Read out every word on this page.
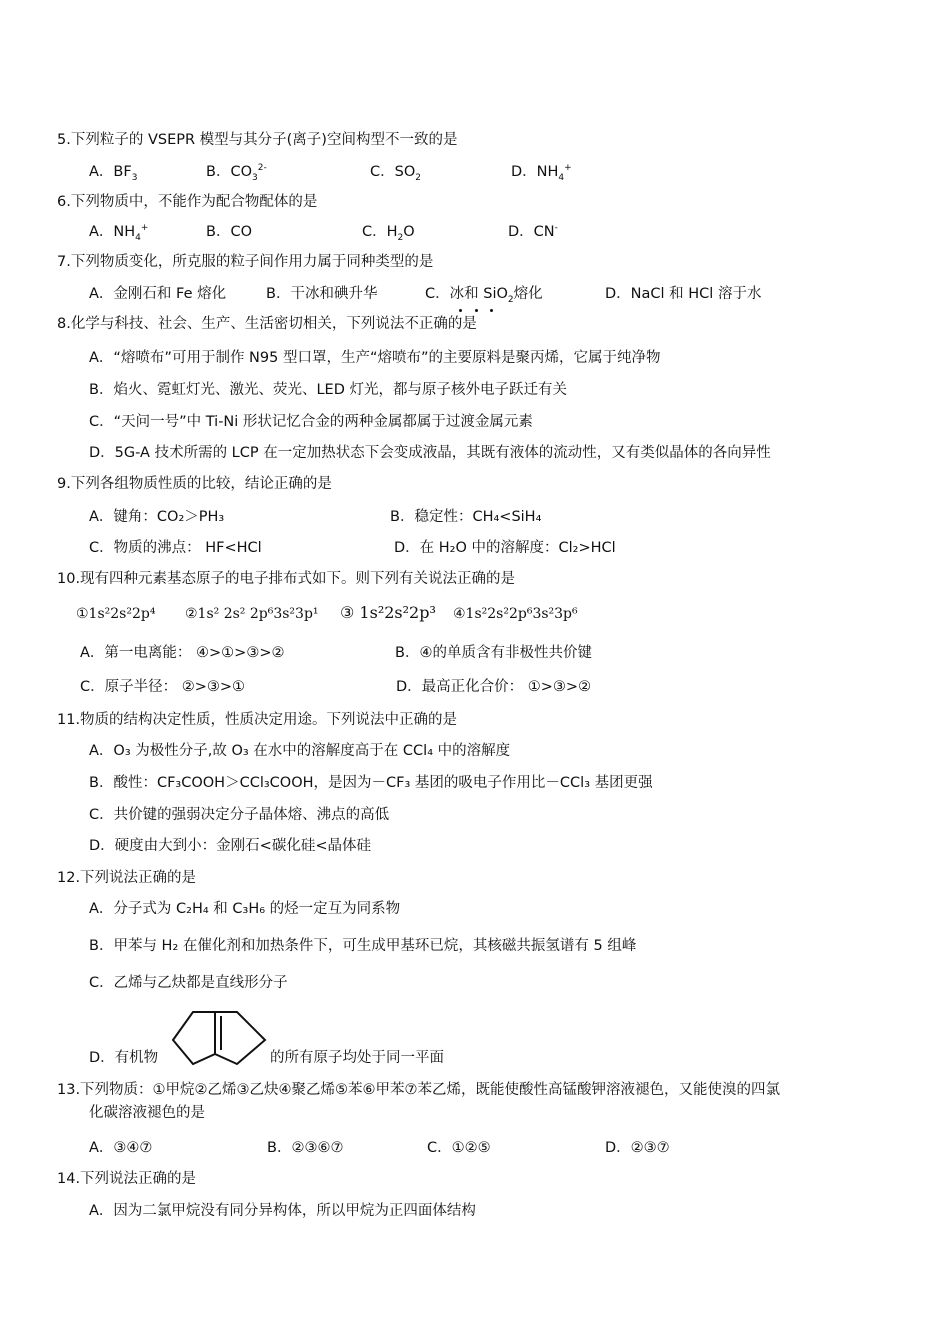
5.下列粒子的 VSEPR 模型与其分子(离子)空间构型不一致的是
A．$BF_3$	B．$CO_3^{2-}$	C．$SO_2$	D．$NH_4^+$
6.下列物质中，不能作为配合物配体的是
A．$NH_4^+$	B．CO	C．$H_2O$	D．CN-
7.下列物质变化，所克服的粒子间作用力属于同种类型的是
A．金刚石和 Fe 熔化	B．干冰和碘升华	C．冰和 SiO$_2$熔化	D．NaCl 和 HCl 溶于水
8.化学与科技、社会、生产、生活密切相关，下列说法不正确的是
A．“熔喷布”可用于制作 N95 型口罩，生产“熔喷布”的主要原料是聚丙烯，它属于纯净物
B．焰火、霓虹灯光、激光、荧光、LED 灯光，都与原子核外电子跃迁有关
C．“天问一号”中 Ti-Ni 形状记忆合金的两种金属都属于过渡金属元素
D．5G-A 技术所需的 LCP 在一定加热状态下会变成液晶，其既有液体的流动性，又有类似晶体的各向异性
9.下列各组物质性质的比较，结论正确的是
A．键角：CO₂＞PH₃	B．稳定性：CH₄<SiH₄
C．物质的沸点： HF<HCl	D．在 H₂O 中的溶解度：Cl₂>HCl
10.现有四种元素基态原子的电子排布式如下。则下列有关说法正确的是
①1s²2s²2p⁴ ②1s² 2s² 2p⁶3s²3p¹ ③ 1s²2s²2p³ ④1s²2s²2p⁶3s²3p⁶
A．第一电离能： ④>①>③>②	B．④的单质含有非极性共价键
C．原子半径： ②>③>①	D．最高正化合价： ①>③>②
11.物质的结构决定性质，性质决定用途。下列说法中正确的是
A．O₃ 为极性分子,故 O₃ 在水中的溶解度高于在 CCl₄ 中的溶解度
B．酸性：CF₃COOH＞CCl₃COOH，是因为－CF₃ 基团的吸电子作用比－CCl₃ 基团更强
C．共价键的强弱决定分子晶体熔、沸点的高低
D．硬度由大到小：金刚石<碳化硅<晶体硅
12.下列说法正确的是
A．分子式为 C₂H₄ 和 C₃H₆ 的烃一定互为同系物
B．甲苯与 H₂ 在催化剂和加热条件下，可生成甲基环已烷，其核磁共振氢谱有 5 组峰
C．乙烯与乙炔都是直线形分子
D．有机物	的所有原子均处于同一平面
13.下列物质：①甲烷②乙烯③乙炔④聚乙烯⑤苯⑥甲苯⑦苯乙烯，既能使酸性高锰酸钾溶液褪色，又能使溴的四氯
化碳溶液褪色的是
A．③④⑦	B．②③⑥⑦	C．①②⑤	D．②③⑦
14.下列说法正确的是
A．因为二氯甲烷没有同分异构体，所以甲烷为正四面体结构
